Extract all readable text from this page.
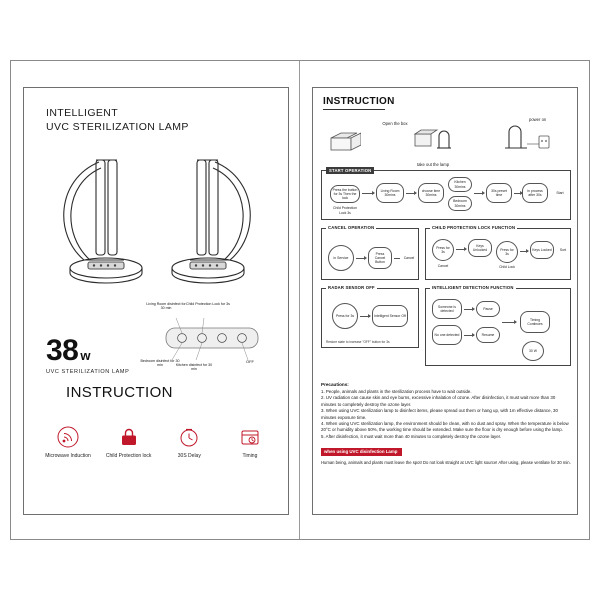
INTELLIGENT
UVC STERILIZATION LAMP
38 w
UVC STERILIZATION LAMP
Living Room disinfect for 30 min
Child Protection Lock for 3s
Bedroom disinfect for 30 min	Kitchen disinfect for 30 min
OFF
INSTRUCTION
Microwave Induction	Child Protection lock	30S Delay	Timing
INSTRUCTION
Open the box
take out the lamp
power on
START OPERATION
Press the button for 3s Then the lock
Child Protection Lock 3s
Living Room 30mins
choose time 30mins
Kitchen 30mins
Bedroom 30mins
30s preset time
in process after 30s
Start
CANCEL OPERATION
in Service
Press Cancel Button
Cancel
CHILD PROTECTION LOCK FUNCTION
Press for 3s
Cancel
Keys Unlocked	Press for 3s
Child Lock
Keys Locked	Sort
RADAR SENSOR OFF
Press for 3s	Intelligent Sensor Off
Restore state to increase "OFF" button for 3s
INTELLIGENT DETECTION FUNCTION
Someone is detected
Pause
No one detected	Resume
Timing Continues
30 W
Precautions:
1. People, animals and plants in the sterilization process have to wait outside.
2. UV radiation can cause skin and eye burns, excessive inhalation of ozone. After disinfection, it must wait more than 30 minutes to completely destroy the ozone layer.
3. When using UVC sterilization lamp to disinfect items, please spread out them or hang up, with 1m effective distance, 30 minutes exposure time.
4. When using UVC sterilization lamp, the environment should be clean, with no dust and spray. When the temperature is below 20°C or humidity above 50%, the working time should be extended. Make sure the floor is dry enough before using the lamp.
5. After disinfection, it must wait more than 40 minutes to completely destroy the ozone layer.
when using UVC disinfection Lamp
Human being, animals and plants must leave the spot! Do not look straight at UVC light source! After using, please ventilate for 30 min.
